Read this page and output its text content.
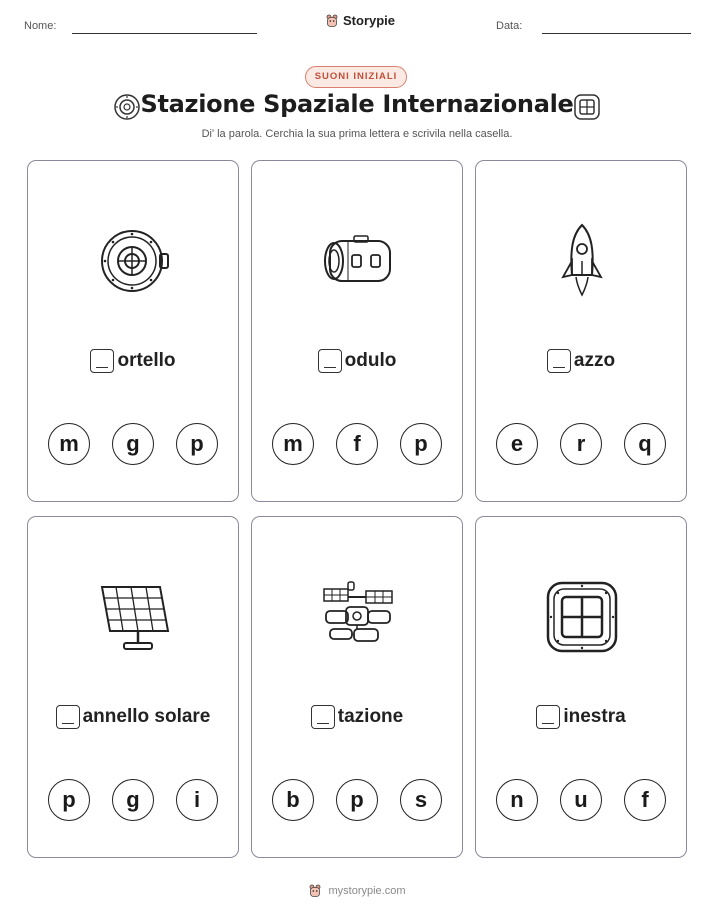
Nome:	Storypie	Data:
SUONI INIZIALI
Stazione Spaziale Internazionale
Di' la parola. Cerchia la sua prima lettera e scrivila nella casella.
ortello
m	g	p
odulo
m	f	p
azzo
e	r	q
annello solare
p	g	i
tazione
b	p	s
inestra
n	u	f
mystorypie.com
